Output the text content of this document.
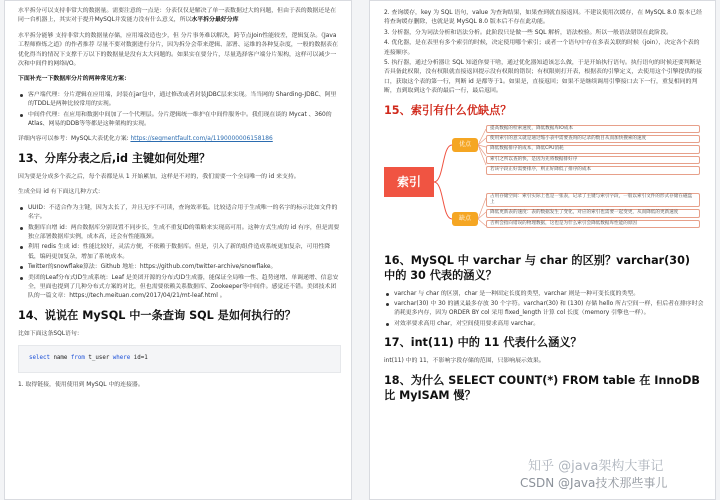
水平拆分可以支持非常大的数据量。需要注意的一点是：分表仅仅是解决了单一表数据过大的问题，但由于表的数据还是在同一台机器上，其实对于提升MySQL并发能力没有什么意义，所以水平拆分最好分库

水平拆分能够 支持非常大的数据量存储，应用端改造也少，但 分片事务难以解决，跨节点Join性能较差，逻辑复杂。《Java工程师修炼之道》的作者推荐 尽量不要对数据进行分片，因为拆分会带来逻辑、部署、运维的各种复杂度，一般的数据表在优化得当的情况下支撑千万以下的数据量是没有太大问题的。如果实在要分片，尽量选择客户端分片架构，这样可以减少一次和中间件的网络I/O。

下面补充一下数据库分片的两种常见方案：

客户端代理：分片逻辑在应用端，封装在jar包中，通过修改或者封装JDBC层来实现。当当网的 Sharding-JDBC、阿里的TDDL是两种比较常用的实现。
中间件代理：在应用和数据中间加了一个代理层。分片逻辑统一维护在中间件服务中。我们现在谈的 Mycat 、360的Atlas、网易的DDB等等都是这种架构的实现。

详细内容可以参考：MySQL大表优化方案: https://segmentfault.com/a/1190000006158186

13、分库分表之后,id 主键如何处理？

因为要是分成多个表之后，每个表都是从 1 开始累加，这样是不对的，我们需要一个全局唯一的 id 来支持。

生成全局 id 有下面这几种方式：

UUID：不适合作为主键，因为太长了，并且无序不可读，查询效率低。比较适合用于生成唯一的名字的标示比如文件的名字。
数据库自增 id：两台数据库分别设置不同步长，生成不重复ID的策略来实现高可用。这种方式生成的 id 有序，但是需要独立部署数据库实例，成本高，还会有性能瓶颈。
利用 redis 生成 id：性能比较好，灵活方便，不依赖于数据库。但是，引入了新的组件造成系统更加复杂，可用性降低，编码更加复杂，增加了系统成本。
Twitter的snowflake算法：Github 地址：https://github.com/twitter-archive/snowflake。
美团的Leaf分布式ID生成系统：Leaf 是美团开源的分布式ID生成器，能保证全局唯一性、趋势递增、单调递增、信息安全，里面也提到了几种分布式方案的对比，但也需要依赖关系数据库、Zookeeper等中间件。感觉还不错。美团技术团队的一篇文章：https://tech.meituan.com/2017/04/21/mt-leaf.html 。
14、说说在 MySQL 中一条查询 SQL 是如何执行的？

比如下面这条SQL语句：

select name from t_user where id=1
1. 取得链接，使用使用到 MySQL 中的连接器。
2. 查询缓存，key 为 SQL 语句，value 为查询结果，如果查到就直接返回。不建议使用次缓存，在 MySQL 8.0 版本已经将查询缓存删除，也就是说 MySQL 8.0 版本后不存在此功能。
3. 分析器，分为词法分析和语法分析。此阶段只是做一些 SQL 解析，语法校验。所以一般语法错误在此阶段。
4. 优化器，是在表里有多个索引的时候，决定使用哪个索引；或者一个语句中存在多表关联的时候（join），决定各个表的连接顺序。
5. 执行器，通过分析器让 SQL 知道你要干啥，通过优化器知道该怎么做，于是开始执行语句。执行语句的时候还要判断是否具备此权限，没有权限就直接返回提示没有权限的错误；有权限则打开表，根据表的引擎定义，去使用这个引擎提供的接口，获取这个表的第一行，判断 id 是都等于1。如果是，直接返回；如果不是继续调用引擎接口去下一行，重复相同的判断，直到取到这个表的最后一行，最后返回。
15、索引有什么优缺点？
索引
优点
缺点
提高数据的检索速度，降低数据库IO成本
使用索引的意义就是通过缩小表中需要查询的记录的数目从而加快搜索的速度
降低数据排序的成本，降低CPU消耗
索引之所以查的快，是因为先将数据排好序
若该字段正好需要排序，则正好降低了排序的成本
占用存储空间：索引实际上也是一张表，记录了主键与索引字段，一般以索引文件的形式存储在磁盘上
降低更新表的速度：表的数据发生了变化，对应的索引也需要一起变更，从而降低的更新速度
否则会指向错误的物理数据，这也是为什么索引会降低数据库性能的原因
16、MySQL 中 varchar 与 char 的区别？varchar(30) 中的 30 代表的涵义？
varchar 与 char 的区别，char 是一种固定长度的类型，varchar 则是一种可变长度的类型。
varchar(30) 中 30 的涵义最多存放 30 个字符。varchar(30) 和 (130) 存储 hello 所占空间一样，但后者在排序时会消耗更多内存，因为 ORDER BY col 采用 fixed_length 计算 col 长度（memory 引擎也一样）。
对效率要求高用 char，对空间使用要求高用 varchar。
17、int(11) 中的 11 代表什么涵义？

int(11) 中的 11，不影响字段存储的范围，只影响展示效果。

18、为什么 SELECT COUNT(*) FROM table 在 InnoDB 比 MyISAM 慢？
知乎 @java架构大事记
CSDN @Java技术那些事儿
